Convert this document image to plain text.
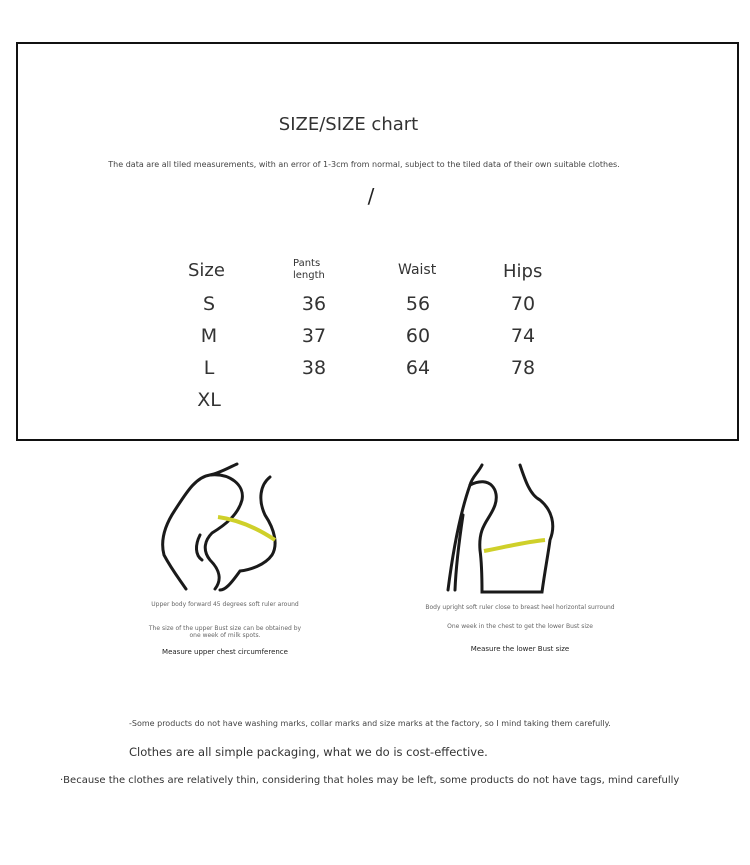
SIZE/SIZE chart
The data are all tiled measurements, with an error of 1-3cm from normal, subject to the tiled data of their own suitable clothes.
/
Size	Pants length	Waist	Hips
S	36	56	70
M	37	60	74
L	38	64	78
XL
Upper body forward 45 degrees soft ruler around
The size of the upper Bust size can be obtained by one week of milk spots.
Measure upper chest circumference
Body upright soft ruler close to breast heel horizontal surround
One week in the chest to get the lower Bust size
Measure the lower Bust size
-Some products do not have washing marks, collar marks and size marks at the factory, so I mind taking them carefully.
Clothes are all simple packaging, what we do is cost-effective.
·Because the clothes are relatively thin, considering that holes may be left, some products do not have tags, mind carefully
